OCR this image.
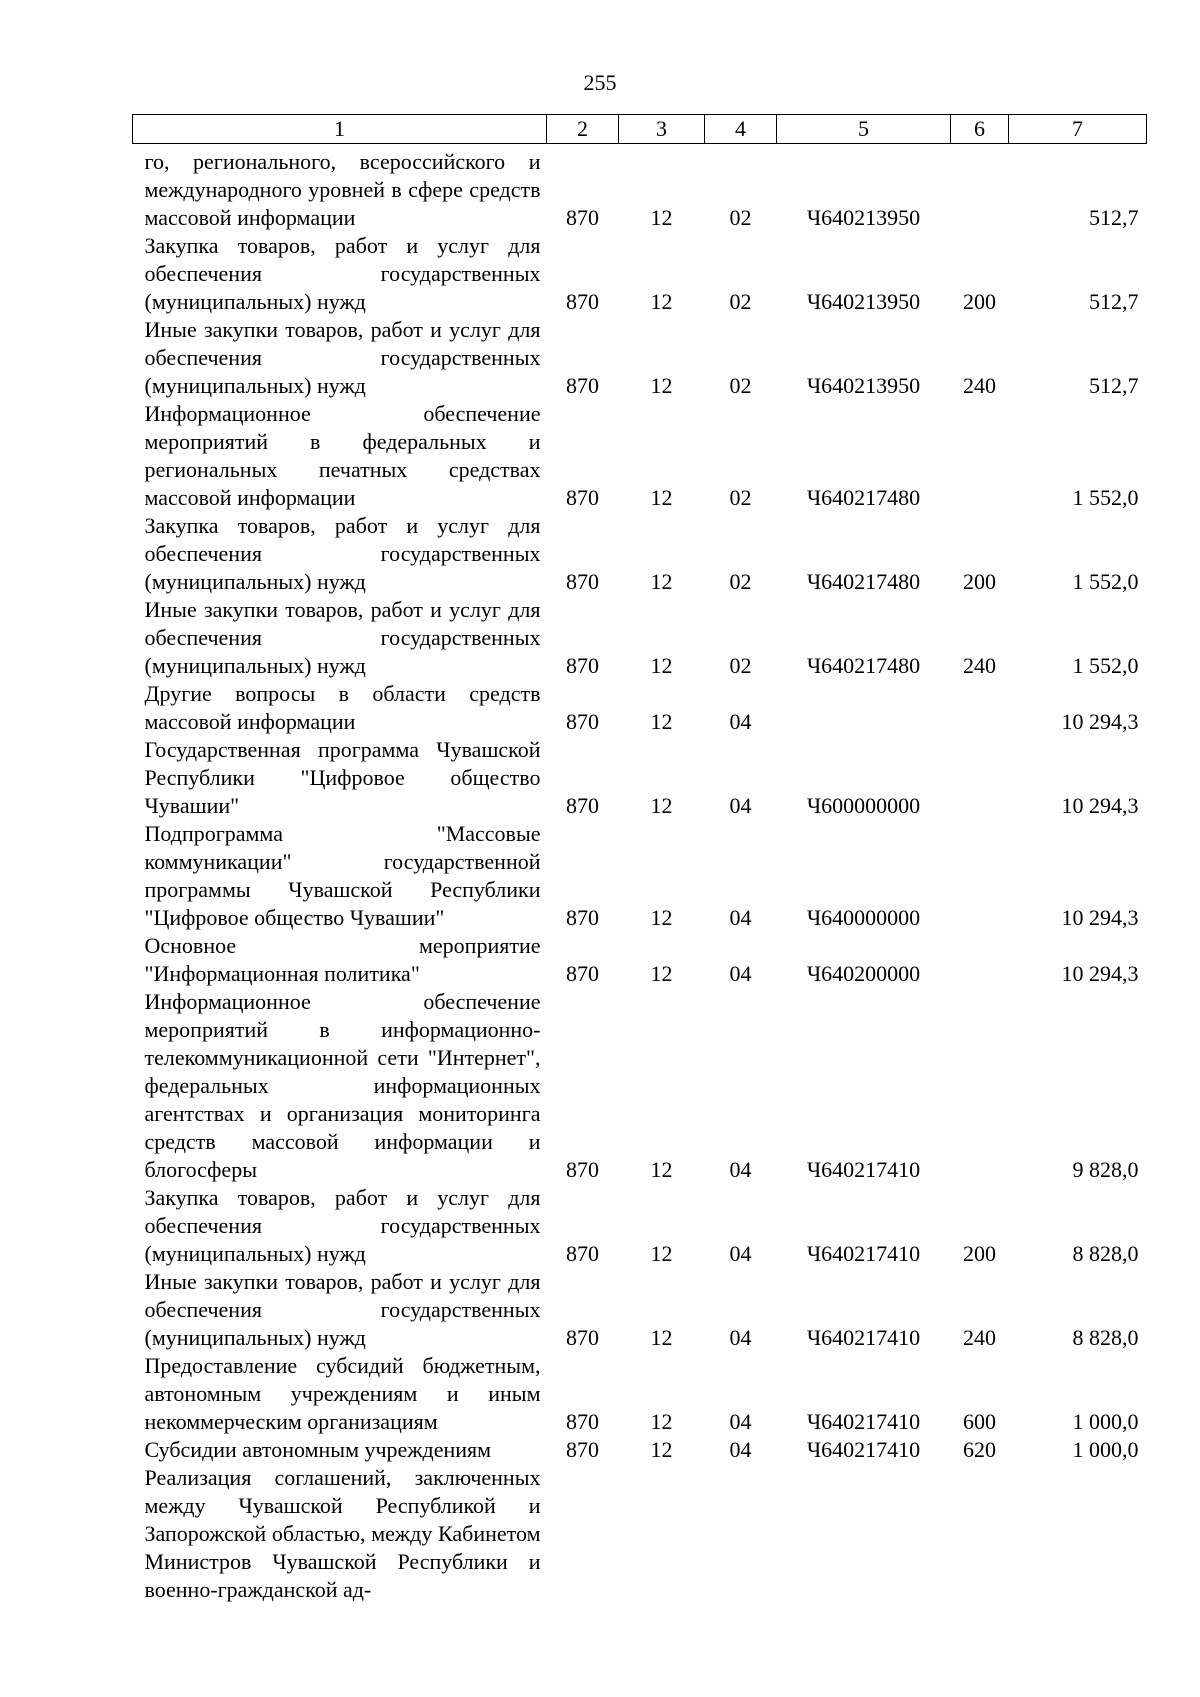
255
1	2	3	4	5	6	7
го, регионального, всероссийского и международного уровней в сфере средств массовой информации	870	12	02	Ч640213950		512,7
Закупка товаров, работ и услуг для обеспечения государственных (муниципальных) нужд	870	12	02	Ч640213950	200	512,7
Иные закупки товаров, работ и услуг для обеспечения государственных (муниципальных) нужд	870	12	02	Ч640213950	240	512,7
Информационное обеспечение мероприятий в федеральных и региональных печатных средствах массовой информации	870	12	02	Ч640217480		1 552,0
Закупка товаров, работ и услуг для обеспечения государственных (муниципальных) нужд	870	12	02	Ч640217480	200	1 552,0
Иные закупки товаров, работ и услуг для обеспечения государственных (муниципальных) нужд	870	12	02	Ч640217480	240	1 552,0
Другие вопросы в области средств массовой информации	870	12	04			10 294,3
Государственная программа Чувашской Республики "Цифровое общество Чувашии"	870	12	04	Ч600000000		10 294,3
Подпрограмма "Массовые коммуникации" государственной программы Чувашской Республики "Цифровое общество Чувашии"	870	12	04	Ч640000000		10 294,3
Основное мероприятие "Информационная политика"	870	12	04	Ч640200000		10 294,3
Информационное обеспечение мероприятий в информационно-телекоммуникационной сети "Интернет", федеральных информационных агентствах и организация мониторинга средств массовой информации и блогосферы	870	12	04	Ч640217410		9 828,0
Закупка товаров, работ и услуг для обеспечения государственных (муниципальных) нужд	870	12	04	Ч640217410	200	8 828,0
Иные закупки товаров, работ и услуг для обеспечения государственных (муниципальных) нужд	870	12	04	Ч640217410	240	8 828,0
Предоставление субсидий бюджетным, автономным учреждениям и иным некоммерческим организациям	870	12	04	Ч640217410	600	1 000,0
Субсидии автономным учреждениям	870	12	04	Ч640217410	620	1 000,0
Реализация соглашений, заключенных между Чувашской Республикой и Запорожской областью, между Кабинетом Министров Чувашской Республики и военно-гражданской ад-						
